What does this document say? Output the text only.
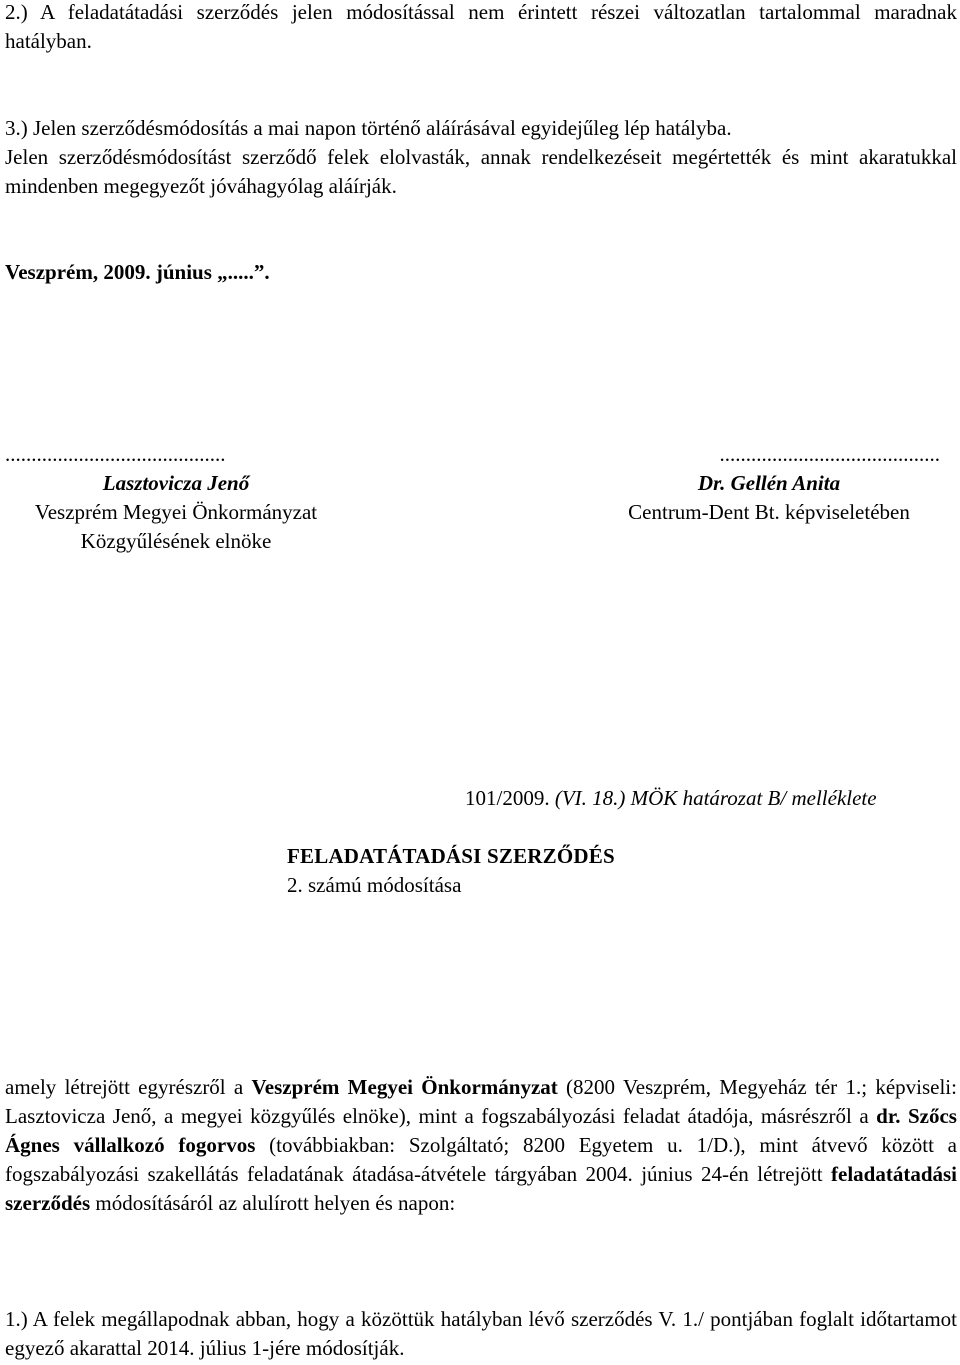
2.) A feladatátadási szerződés jelen módosítással nem érintett részei változatlan tartalommal maradnak hatályban.
3.) Jelen szerződésmódosítás a mai napon történő aláírásával egyidejűleg lép hatályba.
Jelen szerződésmódosítást szerződő felek elolvasták, annak rendelkezéseit megértették és mint akaratukkal mindenben megegyezőt jóváhagyólag aláírják.
Veszprém, 2009. június „.....”.
..........................................
Lasztovicza Jenő
Veszprém Megyei Önkormányzat
Közgyűlésének elnöke
..........................................
Dr. Gellén Anita
Centrum-Dent Bt. képviseletében
101/2009. (VI. 18.) MÖK határozat B/ melléklete
FELADATÁTADÁSI SZERZŐDÉS
2. számú módosítása
amely létrejött egyrészről a Veszprém Megyei Önkormányzat (8200 Veszprém, Megyeház tér 1.; képviseli: Lasztovicza Jenő, a megyei közgyűlés elnöke), mint a fogszabályozási feladat átadója, másrészről a dr. Szőcs Ágnes vállalkozó fogorvos (továbbiakban: Szolgáltató; 8200 Egyetem u. 1/D.), mint átvevő között a fogszabályozási szakellátás feladatának átadása-átvétele tárgyában 2004. június 24-én létrejött feladatátadási szerződés módosításáról az alulírott helyen és napon:
1.) A felek megállapodnak abban, hogy a közöttük hatályban lévő szerződés V. 1./ pontjában foglalt időtartamot egyező akarattal 2014. július 1-jére módosítják.
